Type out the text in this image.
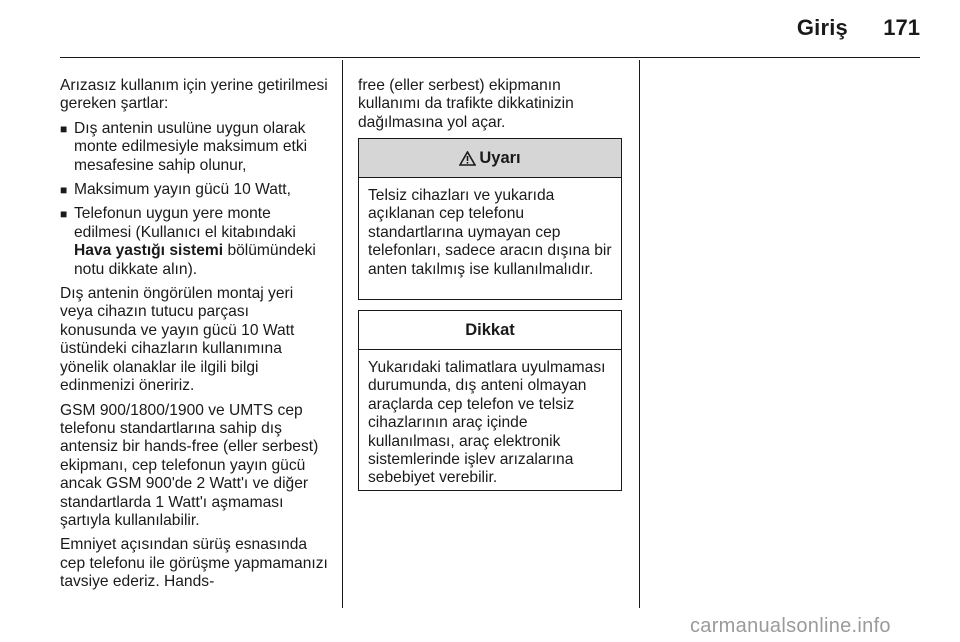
Giriş 171

Arızasız kullanım için yerine getirilmesi gereken şartlar:

■ Dış antenin usulüne uygun olarak monte edilmesiyle maksimum etki mesafesine sahip olunur,
■ Maksimum yayın gücü 10 Watt,
■ Telefonun uygun yere monte edilmesi (Kullanıcı el kitabındaki Hava yastığı sistemi bölümündeki notu dikkate alın).

Dış antenin öngörülen montaj yeri veya cihazın tutucu parçası konusunda ve yayın gücü 10 Watt üstündeki cihazların kullanımına yönelik olanaklar ile ilgili bilgi edinmenizi öneririz.

GSM 900/1800/1900 ve UMTS cep telefonu standartlarına sahip dış antensiz bir hands-free (eller serbest) ekipmanı, cep telefonun yayın gücü ancak GSM 900'de 2 Watt'ı ve diğer standartlarda 1 Watt'ı aşmaması şartıyla kullanılabilir.

Emniyet açısından sürüş esnasında cep telefonu ile görüşme yapmamanızı tavsiye ederiz. Hands-

free (eller serbest) ekipmanın kullanımı da trafikte dikkatinizin dağılmasına yol açar.

Uyarı
Telsiz cihazları ve yukarıda açıklanan cep telefonu standartlarına uymayan cep telefonları, sadece aracın dışına bir anten takılmış ise kullanılmalıdır.
Dikkat
Yukarıdaki talimatlara uyulmaması durumunda, dış anteni olmayan araçlarda cep telefon ve telsiz cihazlarının araç içinde kullanılması, araç elektronik sistemlerinde işlev arızalarına sebebiyet verebilir.
carmanualsonline.info
